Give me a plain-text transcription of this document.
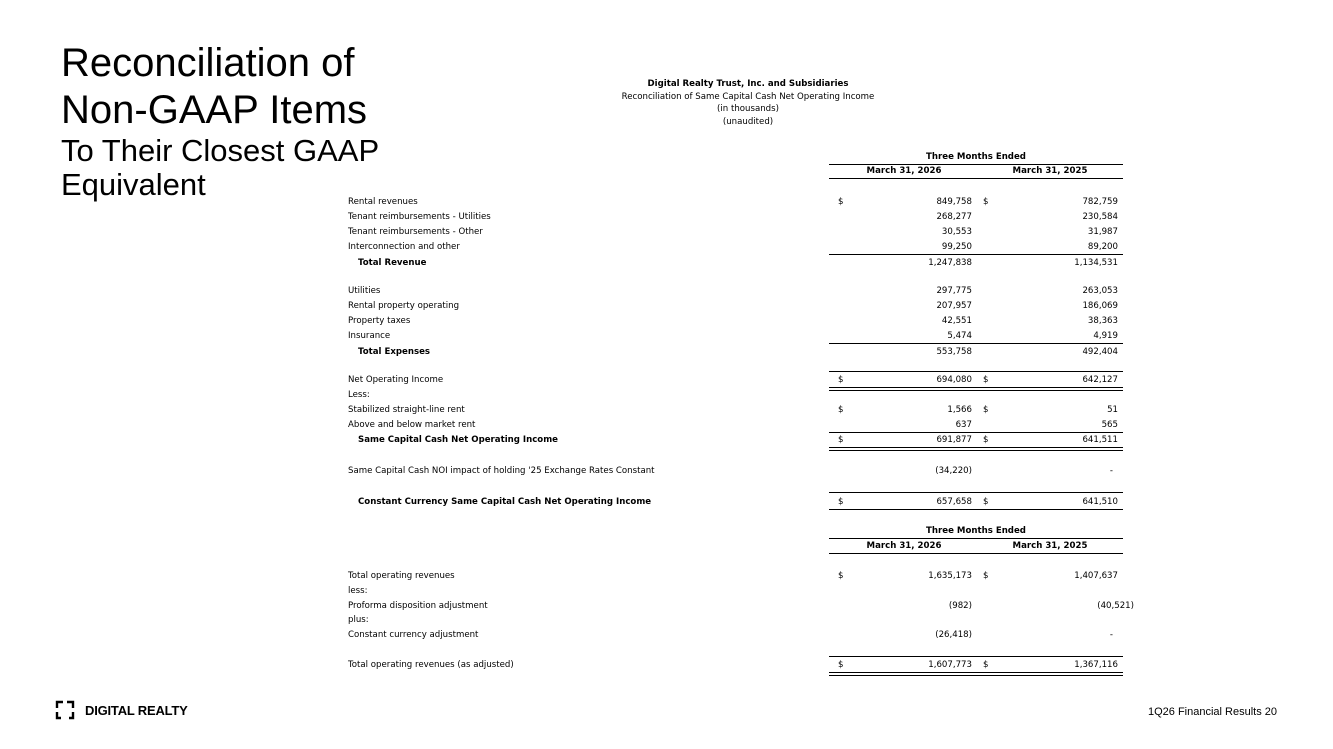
Reconciliation of
Non-GAAP Items
To Their Closest GAAP
Equivalent
Digital Realty Trust, Inc. and Subsidiaries
Reconciliation of Same Capital Cash Net Operating Income
(in thousands)
(unaudited)
Three Months Ended
March 31, 2026	March 31, 2025
Rental revenues	$	849,758 $	782,759
Tenant reimbursements - Utilities	268,277	230,584
Tenant reimbursements - Other	30,553	31,987
Interconnection and other	99,250	89,200
Total Revenue	1,247,838	1,134,531
Utilities	297,775	263,053
Rental property operating	207,957	186,069
Property taxes	42,551	38,363
Insurance	5,474	4,919
Total Expenses	553,758	492,404
Net Operating Income	$	694,080 $	642,127
Less:
Stabilized straight-line rent	$	1,566 $	51
Above and below market rent	637	565
Same Capital Cash Net Operating Income	$	691,877 $	641,511
Same Capital Cash NOI impact of holding '25 Exchange Rates Constant	(34,220)	-
Constant Currency Same Capital Cash Net Operating Income	$	657,658 $	641,510
Three Months Ended
March 31, 2026	March 31, 2025
Total operating revenues	$	1,635,173 $	1,407,637
less:
Proforma disposition adjustment	(982)	(40,521)
plus:
Constant currency adjustment	(26,418)	-
Total operating revenues (as adjusted)	$	1,607,773 $	1,367,116
DIGITAL REALTY	1Q26 Financial Results 20
